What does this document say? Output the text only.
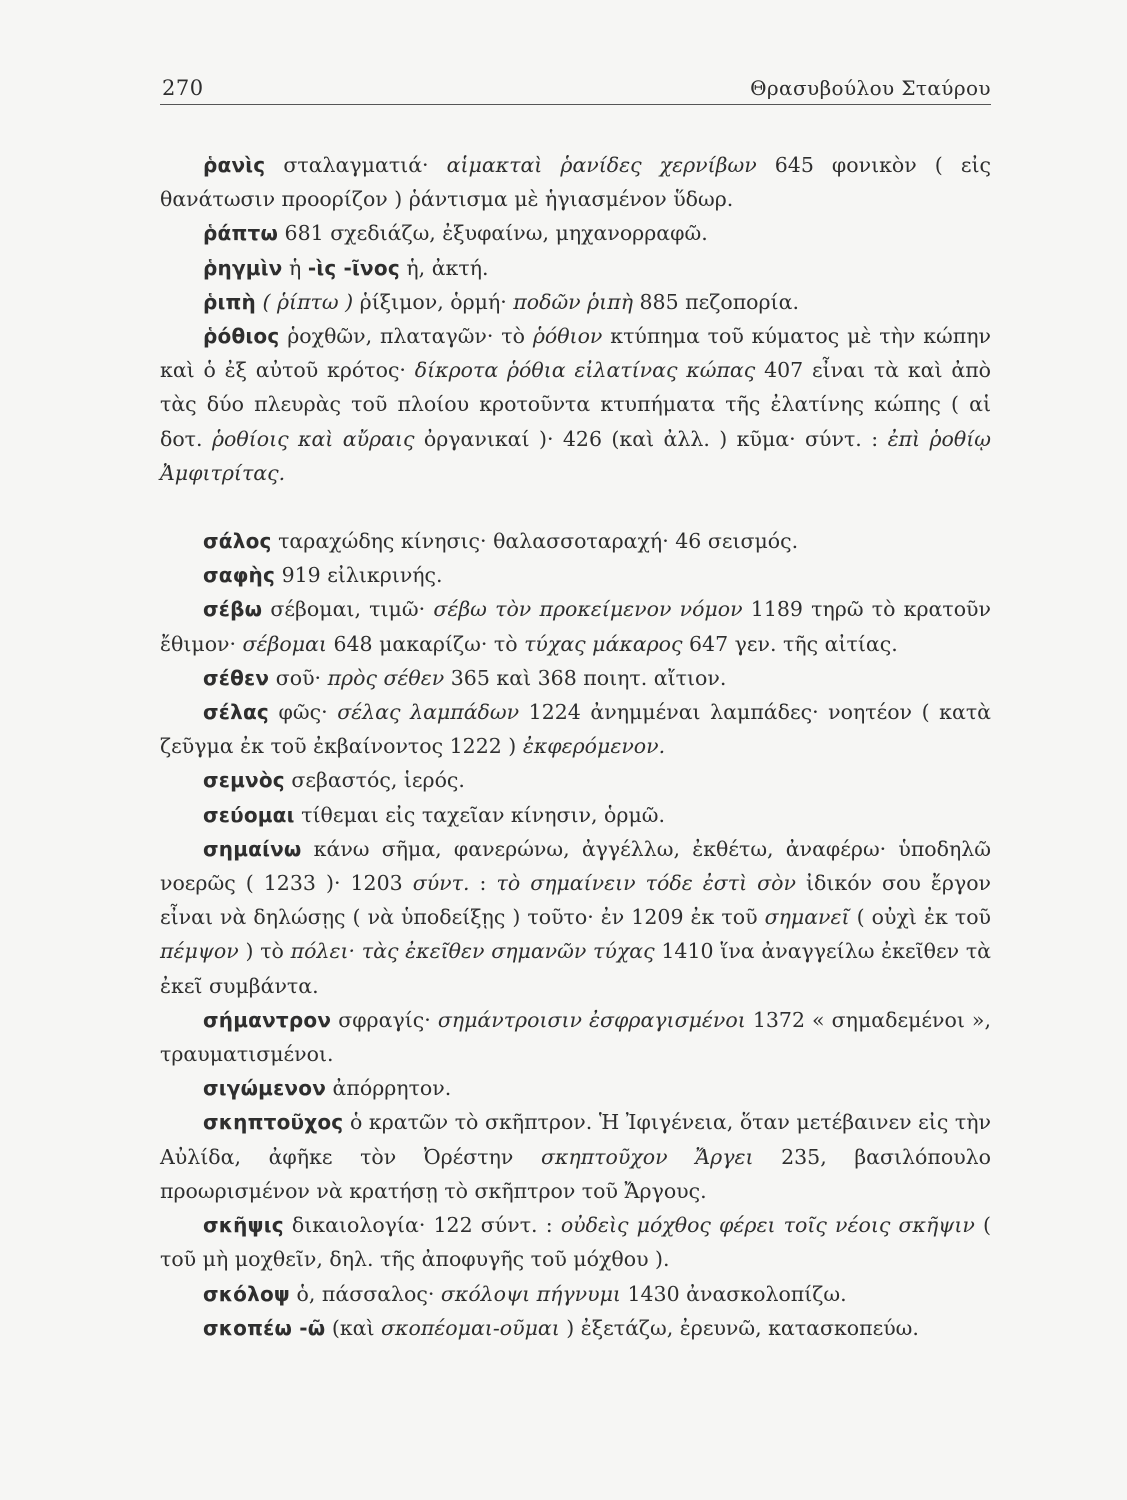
270	Θρασυβούλου Σταύρου

ῥανὶς σταλαγματιά· αἱμακταὶ ῥανίδες χερνίβων 645 φονικὸν ( εἰς θανάτωσιν προορίζον ) ῥάντισμα μὲ ἡγιασμένον ὕδωρ.

ῥάπτω 681 σχεδιάζω, ἐξυφαίνω, μηχανορραφῶ.

ῥηγμὶν ἡ -ὶς -ῖνος ἡ, ἀκτή.

ῥιπὴ ( ῥίπτω ) ῥίξιμον, ὁρμή· ποδῶν ῥιπὴ 885 πεζοπορία.

ῥόθιος ῥοχθῶν, πλαταγῶν· τὸ ῥόθιον κτύπημα τοῦ κύματος μὲ τὴν κώπην καὶ ὁ ἐξ αὐτοῦ κρότος· δίκροτα ῥόθια εἰλατίνας κώπας 407 εἶναι τὰ καὶ ἀπὸ τὰς δύο πλευρὰς τοῦ πλοίου κροτοῦντα κτυπήματα τῆς ἐλατίνης κώπης ( αἱ δοτ. ῥοθίοις καὶ αὔραις ὀργανικαί )· 426 (καὶ ἀλλ. ) κῦμα· σύντ. : ἐπὶ ῥοθίῳ Ἀμφιτρίτας.

σάλος ταραχώδης κίνησις· θαλασσοταραχή· 46 σεισμός.

σαφὴς 919 εἰλικρινής.

σέβω σέβομαι, τιμῶ· σέβω τὸν προκείμενον νόμον 1189 τηρῶ τὸ κρατοῦν ἔθιμον· σέβομαι 648 μακαρίζω· τὸ τύχας μάκαρος 647 γεν. τῆς αἰτίας.

σέθεν σοῦ· πρὸς σέθεν 365 καὶ 368 ποιητ. αἴτιον.

σέλας φῶς· σέλας λαμπάδων 1224 ἀνημμέναι λαμπάδες· νοητέον ( κατὰ ζεῦγμα ἐκ τοῦ ἐκβαίνοντος 1222 ) ἐκφερόμενον.

σεμνὸς σεβαστός, ἱερός.

σεύομαι τίθεμαι εἰς ταχεῖαν κίνησιν, ὁρμῶ.

σημαίνω κάνω σῆμα, φανερώνω, ἀγγέλλω, ἐκθέτω, ἀναφέρω· ὑποδηλῶ νοερῶς ( 1233 )· 1203 σύντ. : τὸ σημαίνειν τόδε ἐστὶ σὸν ἰδικόν σου ἔργον εἶναι νὰ δηλώσῃς ( νὰ ὑποδείξῃς ) τοῦτο· ἐν 1209 ἐκ τοῦ σημανεῖ ( οὐχὶ ἐκ τοῦ πέμψον ) τὸ πόλει· τὰς ἐκεῖθεν σημανῶν τύχας 1410 ἵνα ἀναγγείλω ἐκεῖθεν τὰ ἐκεῖ συμβάντα.

σήμαντρον σφραγίς· σημάντροισιν ἐσφραγισμένοι 1372 « σημαδεμένοι », τραυματισμένοι.

σιγώμενον ἀπόρρητον.

σκηπτοῦχος ὁ κρατῶν τὸ σκῆπτρον. Ἡ Ἰφιγένεια, ὅταν μετέβαινεν εἰς τὴν Αὐλίδα, ἀφῆκε τὸν Ὀρέστην σκηπτοῦχον Ἄργει 235, βασιλόπουλο προωρισμένον νὰ κρατήσῃ τὸ σκῆπτρον τοῦ Ἄργους.

σκῆψις δικαιολογία· 122 σύντ. : οὐδεὶς μόχθος φέρει τοῖς νέοις σκῆψιν ( τοῦ μὴ μοχθεῖν, δηλ. τῆς ἀποφυγῆς τοῦ μόχθου ).

σκόλοψ ὁ, πάσσαλος· σκόλοψι πήγνυμι 1430 ἀνασκολοπίζω.

σκοπέω -ῶ (καὶ σκοπέομαι-οῦμαι ) ἐξετάζω, ἐρευνῶ, κατασκοπεύω.
